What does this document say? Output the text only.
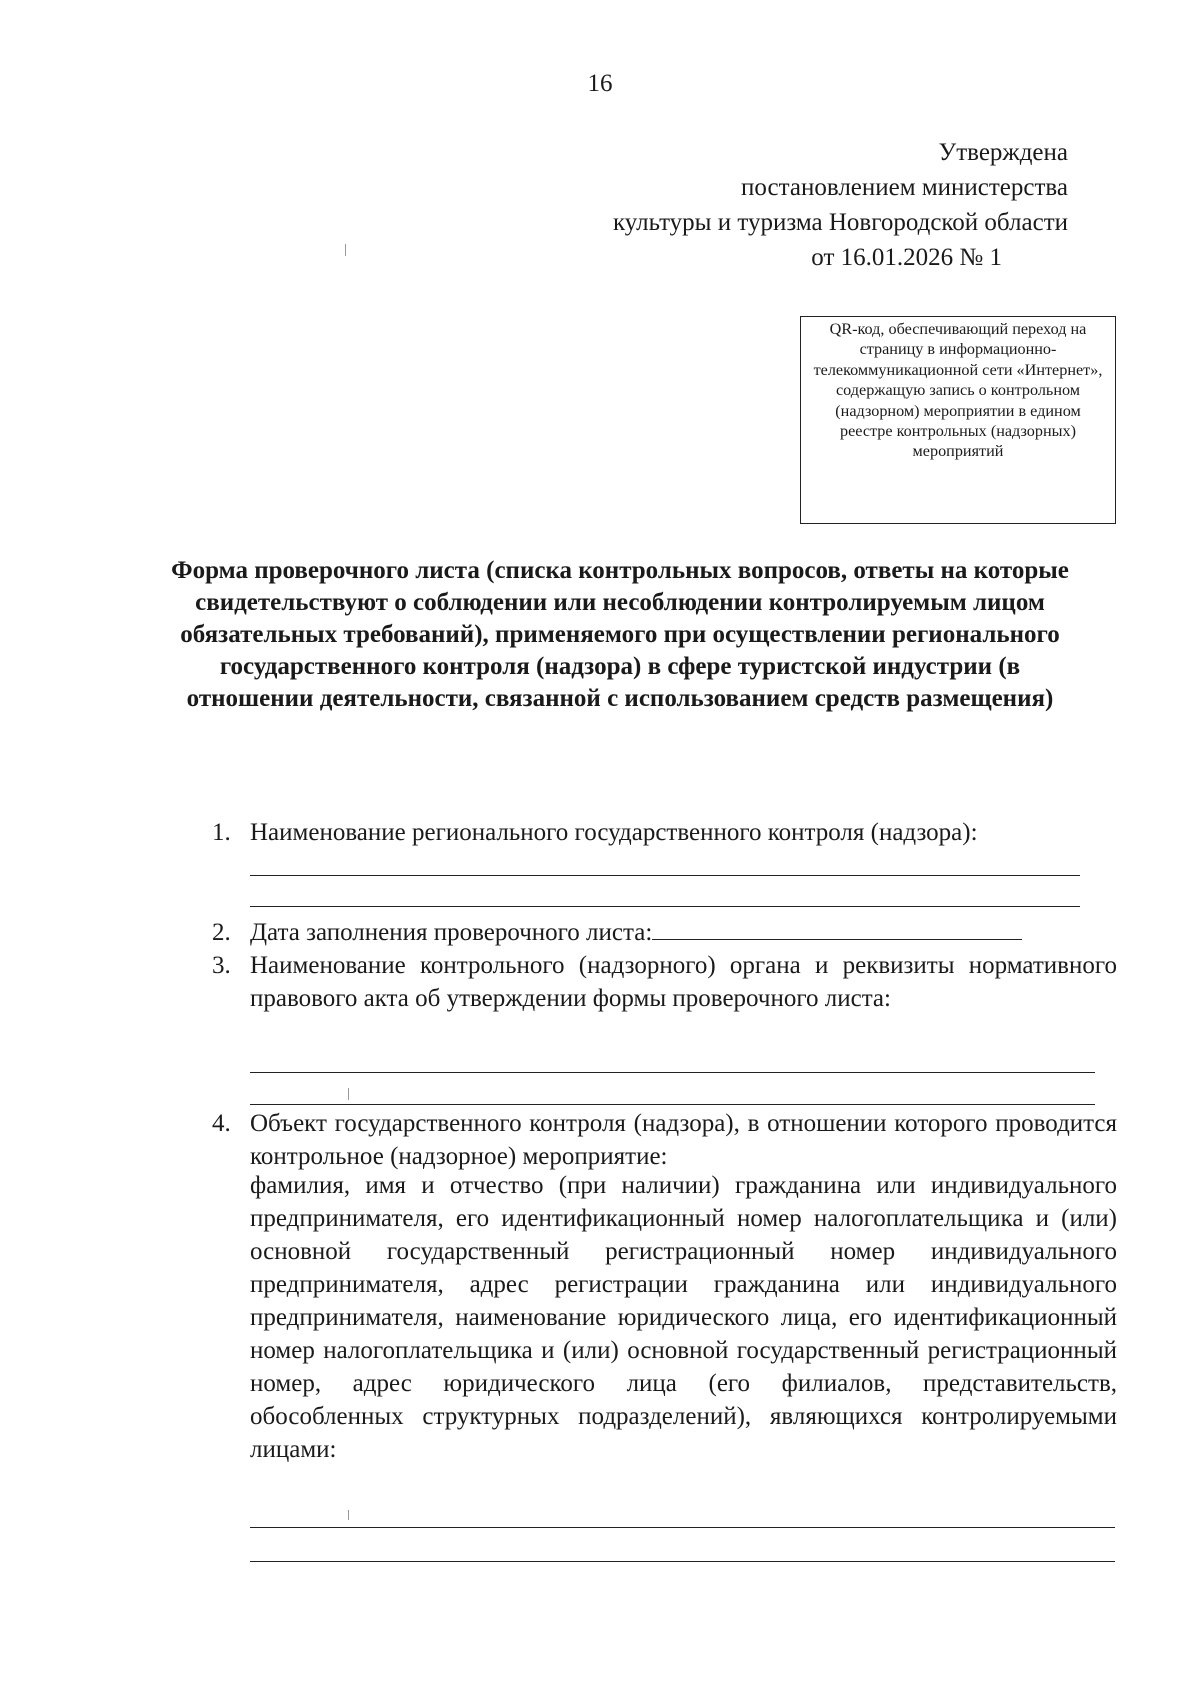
16
Утверждена
постановлением министерства
культуры и туризма Новгородской области
от 16.01.2026 № 1
QR-код, обеспечивающий переход на страницу в информационно-телекоммуникационной сети «Интернет», содержащую запись о контрольном (надзорном) мероприятии в едином реестре контрольных (надзорных) мероприятий
Форма проверочного листа (списка контрольных вопросов, ответы на которые свидетельствуют о соблюдении или несоблюдении контролируемым лицом обязательных требований), применяемого при осуществлении регионального государственного контроля (надзора) в сфере туристской индустрии (в отношении деятельности, связанной с использованием средств размещения)
1. Наименование регионального государственного контроля (надзора):
2. Дата заполнения проверочного листа:
3. Наименование контрольного (надзорного) органа и реквизиты нормативного правового акта об утверждении формы проверочного листа:
4. Объект государственного контроля (надзора), в отношении которого проводится контрольное (надзорное) мероприятие:
фамилия, имя и отчество (при наличии) гражданина или индивидуального предпринимателя, его идентификационный номер налогоплательщика и (или) основной государственный регистрационный номер индивидуального предпринимателя, адрес регистрации гражданина или индивидуального предпринимателя, наименование юридического лица, его идентификационный номер налогоплательщика и (или) основной государственный регистрационный номер, адрес юридического лица (его филиалов, представительств, обособленных структурных подразделений), являющихся контролируемыми лицами:
